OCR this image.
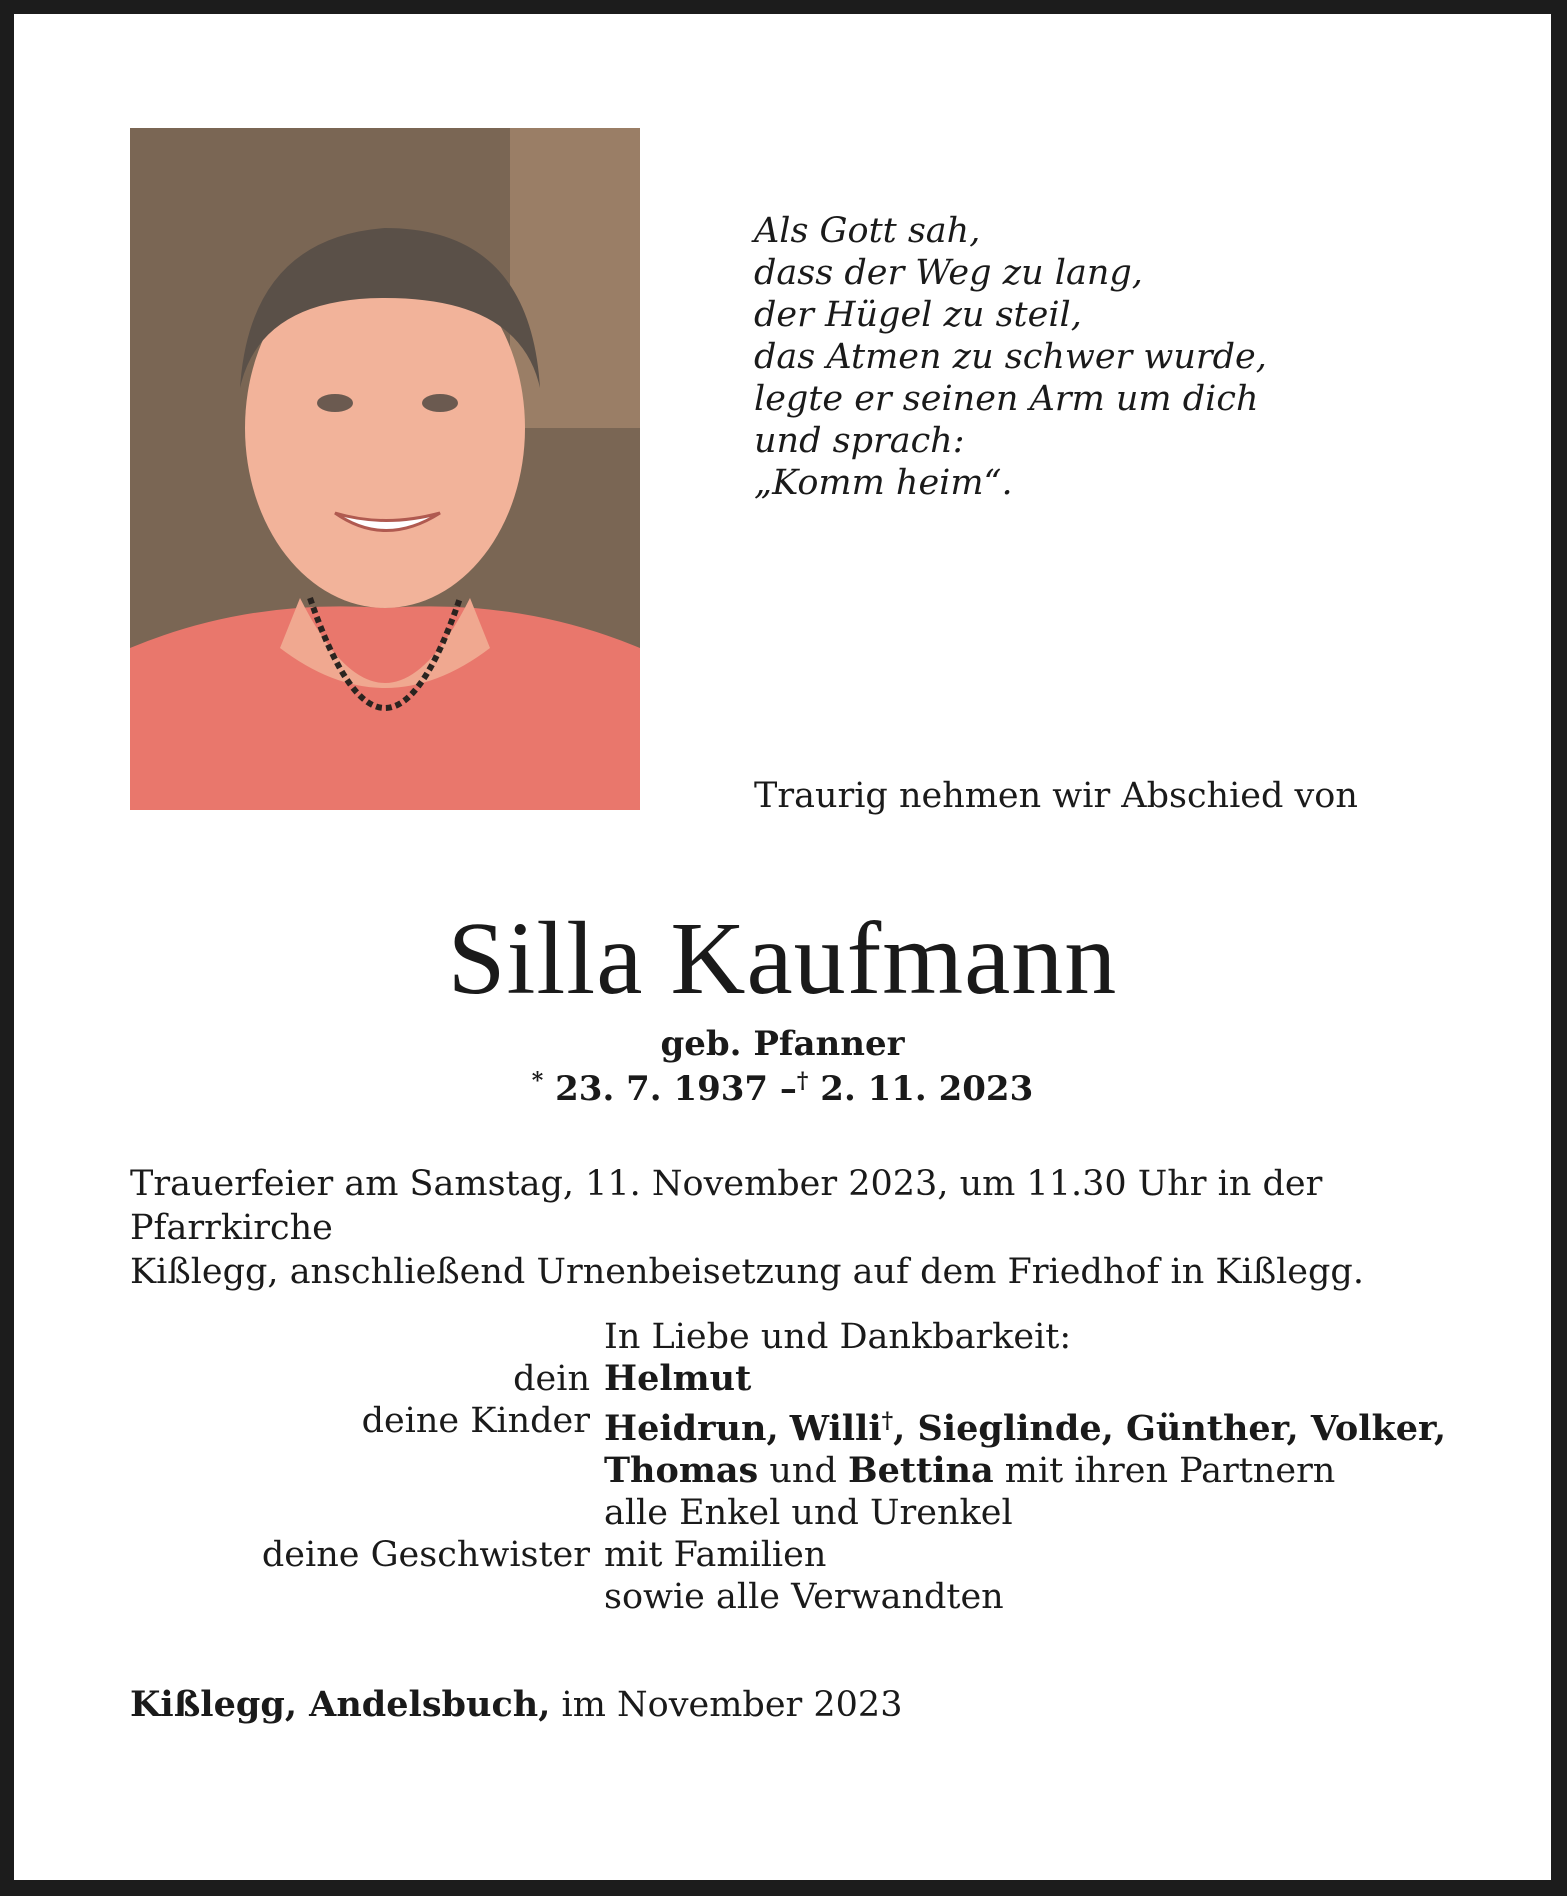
Als Gott sah,
dass der Weg zu lang,
der Hügel zu steil,
das Atmen zu schwer wurde,
legte er seinen Arm um dich
und sprach:
„Komm heim“.
Traurig nehmen wir Abschied von
Silla Kaufmann
geb. Pfanner
* 23. 7. 1937 –† 2. 11. 2023
Trauerfeier am Samstag, 11. November 2023, um 11.30 Uhr in der Pfarrkirche
Kißlegg, anschließend Urnenbeisetzung auf dem Friedhof in Kißlegg.
In Liebe und Dankbarkeit:
dein Helmut
deine Kinder Heidrun, Willi†, Sieglinde, Günther, Volker,
Thomas und Bettina mit ihren Partnern
alle Enkel und Urenkel
deine Geschwister mit Familien
sowie alle Verwandten
Kißlegg, Andelsbuch, im November 2023
